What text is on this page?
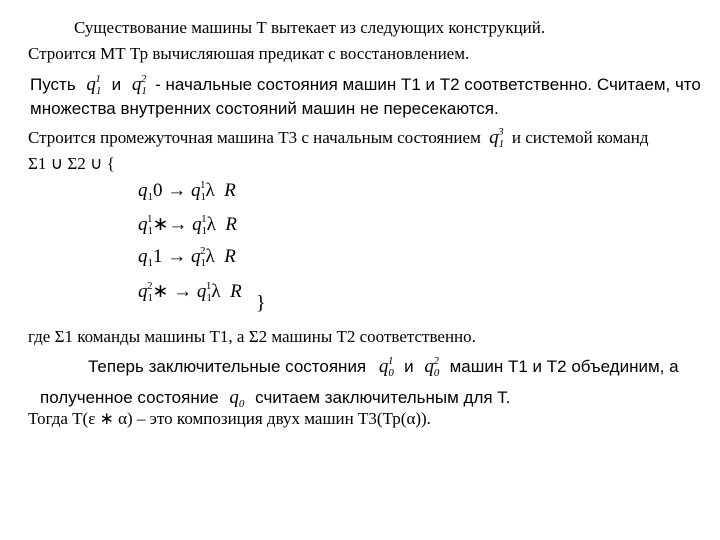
Существование машины Т вытекает из следующих конструкций.
Строится МТ Тр вычисляюшая предикат с восстановлением.
Пусть $q_1^1$ и $q_1^2$ - начальные состояния машин Т1 и Т2 соответственно. Считаем, что
множества внутренних состояний машин не пересекаются.
Строится промежуточная машина Т3 с начальным состоянием $q_1^3$ и системой команд
Σ1 ∪ Σ2 ∪ {
$q_10 \to q_1^1\lambda$  R
$q_1^1∗\to q_1^1\lambda$  R
$q_11 \to q_1^2\lambda$  R
$q_1^2∗ \to q_1^1\lambda$  R
}
где Σ1 команды машины Т1, а Σ2 машины Т2 соответственно.
Теперь заключительные состояния $q_0^1$ и $q_0^2$ машин Т1 и Т2 объединим, а
полученное состояние $q_0$ считаем заключительным для Т.
Тогда Т(ε ∗ α) – это композиция двух машин Т3(Тр(α)).
